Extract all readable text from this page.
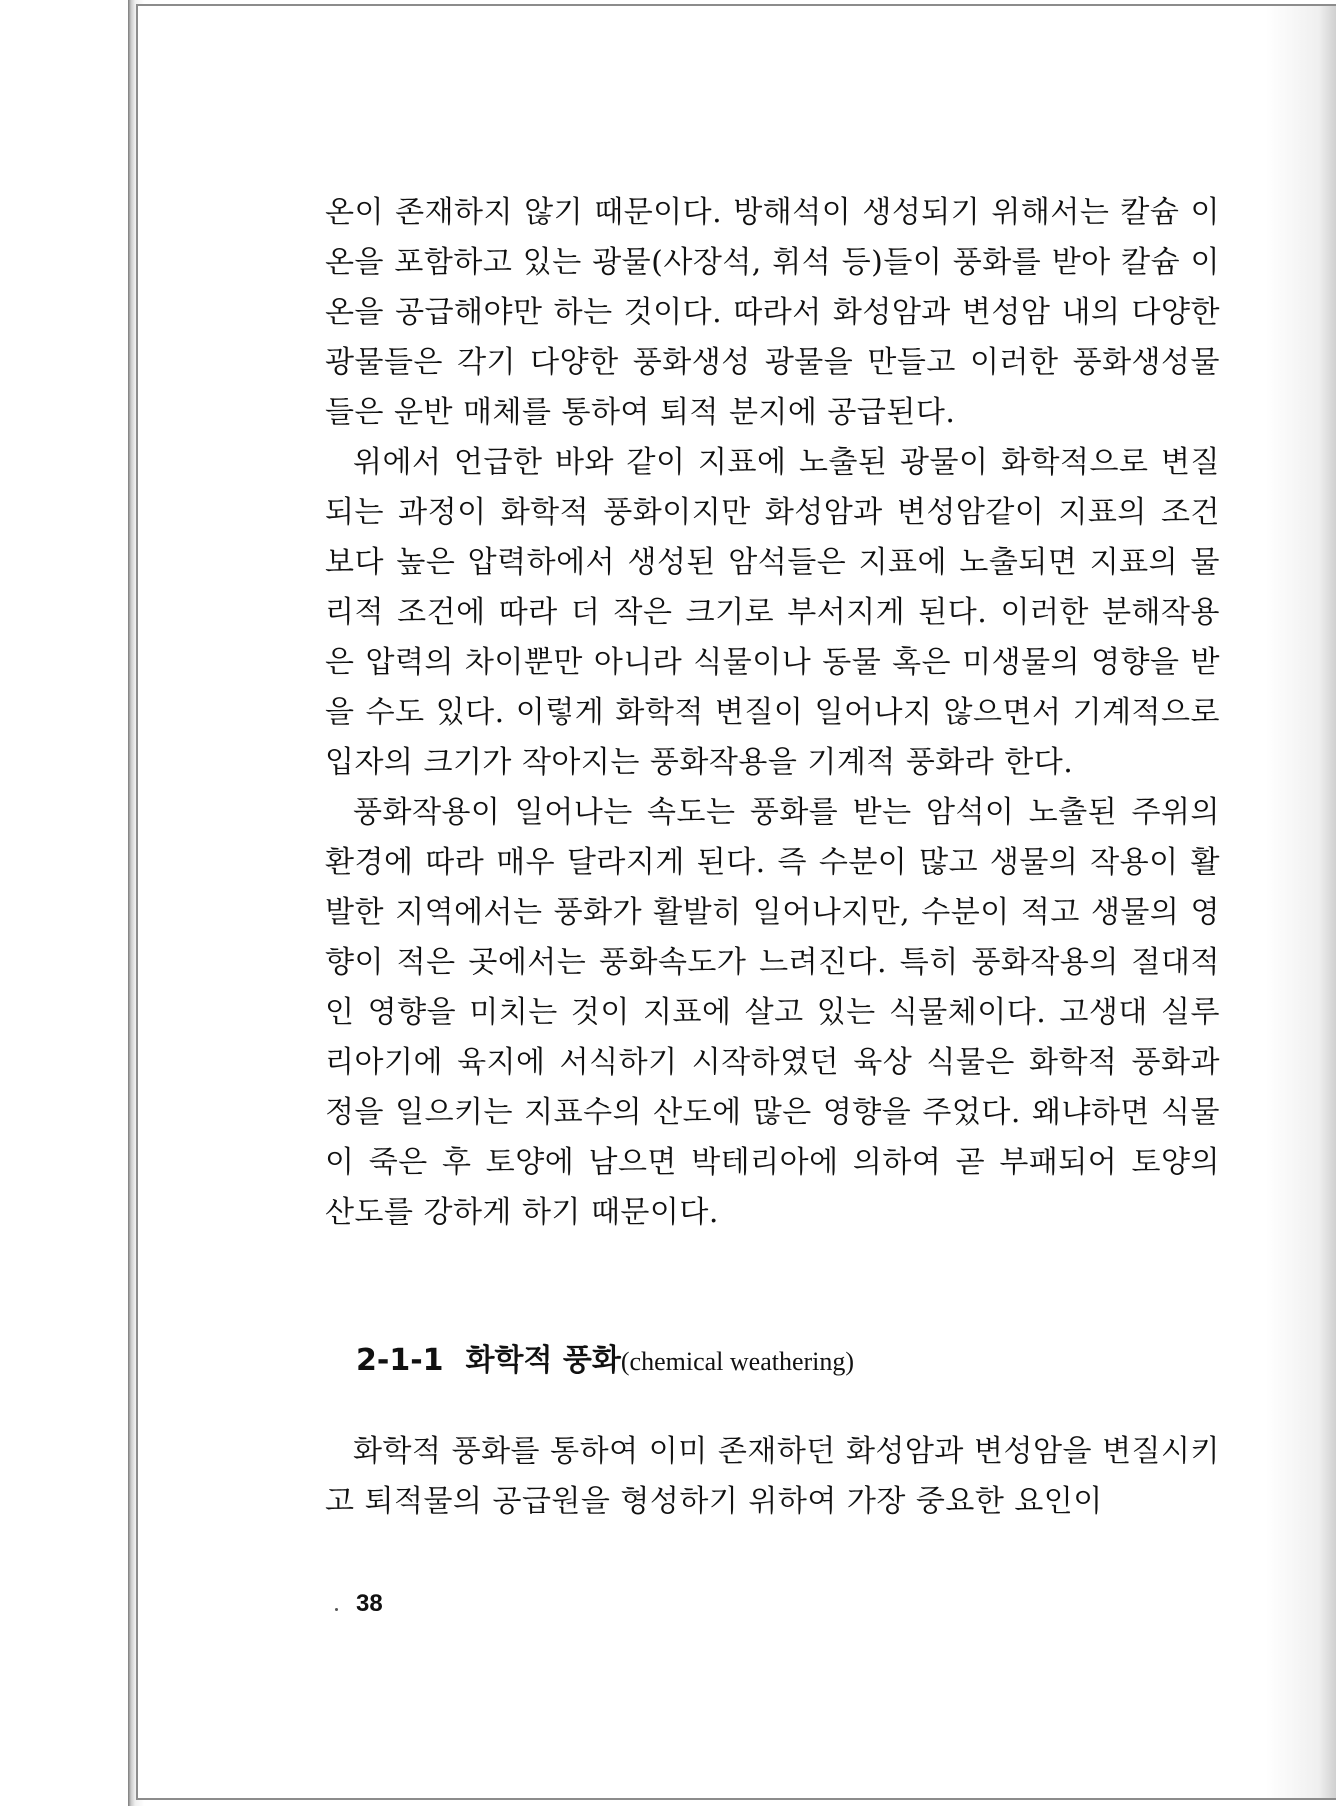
온이 존재하지 않기 때문이다. 방해석이 생성되기 위해서는 칼슘 이온을 포함하고 있는 광물(사장석, 휘석 등)들이 풍화를 받아 칼슘 이온을 공급해야만 하는 것이다. 따라서 화성암과 변성암 내의 다양한 광물들은 각기 다양한 풍화생성 광물을 만들고 이러한 풍화생성물들은 운반 매체를 통하여 퇴적 분지에 공급된다.

위에서 언급한 바와 같이 지표에 노출된 광물이 화학적으로 변질되는 과정이 화학적 풍화이지만 화성암과 변성암같이 지표의 조건보다 높은 압력하에서 생성된 암석들은 지표에 노출되면 지표의 물리적 조건에 따라 더 작은 크기로 부서지게 된다. 이러한 분해작용은 압력의 차이뿐만 아니라 식물이나 동물 혹은 미생물의 영향을 받을 수도 있다. 이렇게 화학적 변질이 일어나지 않으면서 기계적으로 입자의 크기가 작아지는 풍화작용을 기계적 풍화라 한다.

풍화작용이 일어나는 속도는 풍화를 받는 암석이 노출된 주위의 환경에 따라 매우 달라지게 된다. 즉 수분이 많고 생물의 작용이 활발한 지역에서는 풍화가 활발히 일어나지만, 수분이 적고 생물의 영향이 적은 곳에서는 풍화속도가 느려진다. 특히 풍화작용의 절대적인 영향을 미치는 것이 지표에 살고 있는 식물체이다. 고생대 실루리아기에 육지에 서식하기 시작하였던 육상 식물은 화학적 풍화과정을 일으키는 지표수의 산도에 많은 영향을 주었다. 왜냐하면 식물이 죽은 후 토양에 남으면 박테리아에 의하여 곧 부패되어 토양의 산도를 강하게 하기 때문이다.

2-1-1 화학적 풍화(chemical weathering)

화학적 풍화를 통하여 이미 존재하던 화성암과 변성암을 변질시키고 퇴적물의 공급원을 형성하기 위하여 가장 중요한 요인이

38
